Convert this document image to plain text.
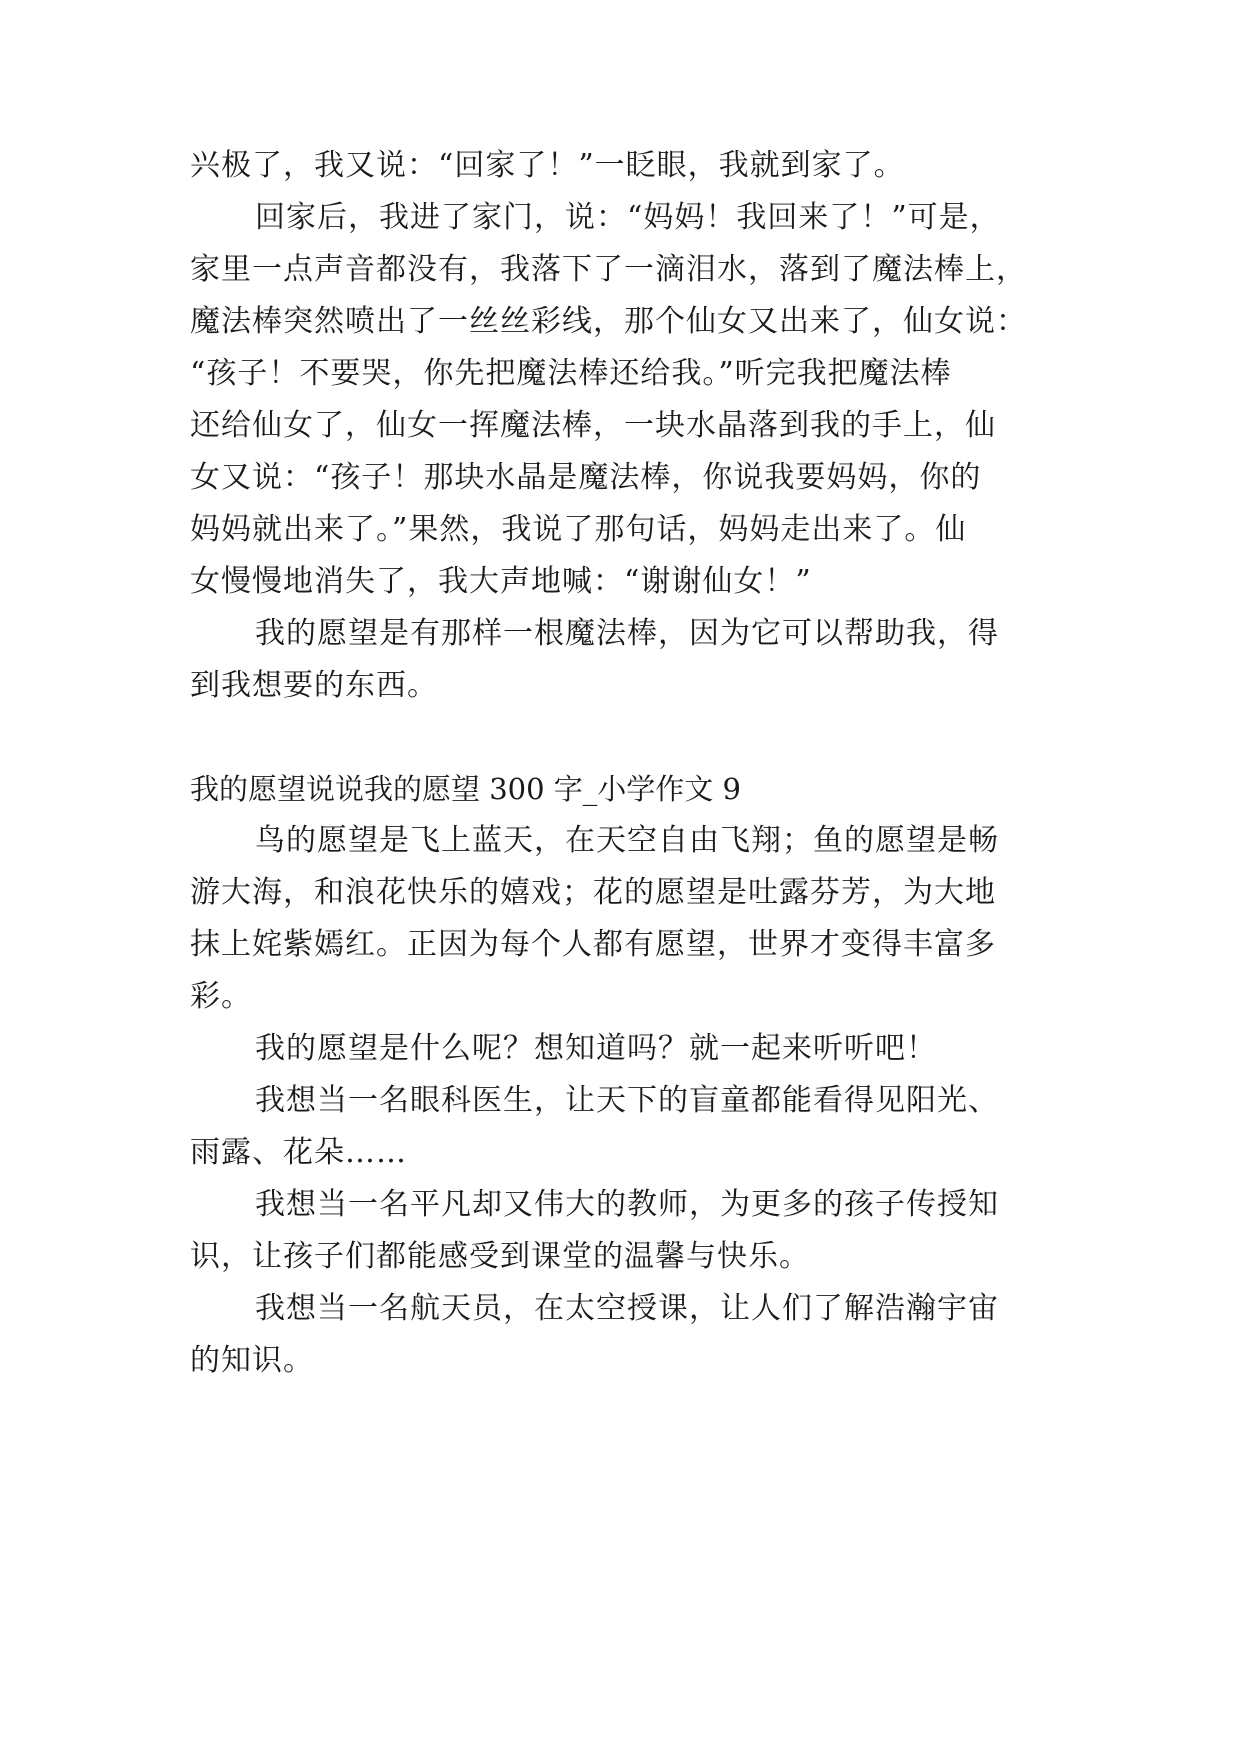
兴极了，我又说：“回家了！”一眨眼，我就到家了。
回家后，我进了家门，说：“妈妈！我回来了！”可是，
家里一点声音都没有，我落下了一滴泪水，落到了魔法棒上，
魔法棒突然喷出了一丝丝彩线，那个仙女又出来了，仙女说：
“孩子！不要哭，你先把魔法棒还给我。”听完我把魔法棒
还给仙女了，仙女一挥魔法棒，一块水晶落到我的手上，仙
女又说：“孩子！那块水晶是魔法棒，你说我要妈妈，你的
妈妈就出来了。”果然，我说了那句话，妈妈走出来了。仙
女慢慢地消失了，我大声地喊：“谢谢仙女！”
我的愿望是有那样一根魔法棒，因为它可以帮助我，得
到我想要的东西。
我的愿望说说我的愿望 300 字_小学作文 9
鸟的愿望是飞上蓝天，在天空自由飞翔；鱼的愿望是畅
游大海，和浪花快乐的嬉戏；花的愿望是吐露芬芳，为大地
抹上姹紫嫣红。正因为每个人都有愿望，世界才变得丰富多
彩。
我的愿望是什么呢？想知道吗？就一起来听听吧！
我想当一名眼科医生，让天下的盲童都能看得见阳光、
雨露、花朵……
我想当一名平凡却又伟大的教师，为更多的孩子传授知
识，让孩子们都能感受到课堂的温馨与快乐。
我想当一名航天员，在太空授课，让人们了解浩瀚宇宙
的知识。
